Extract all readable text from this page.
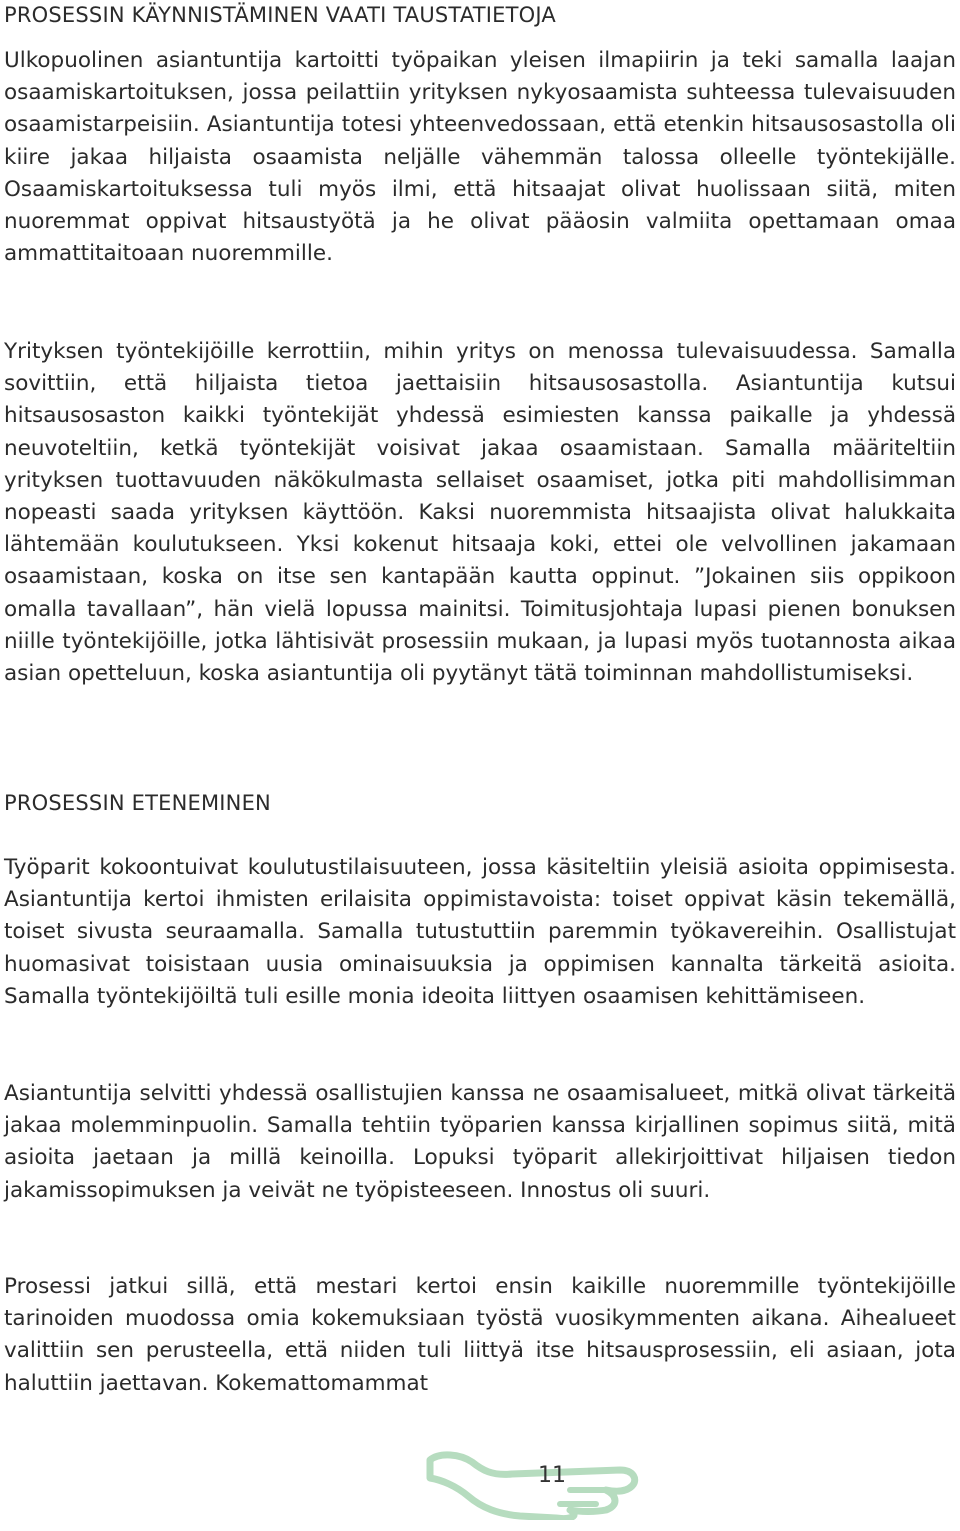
PROSESSIN KÄYNNISTÄMINEN VAATI TAUSTATIETOJA

Ulkopuolinen asiantuntija kartoitti työpaikan yleisen ilmapiirin ja teki samalla laajan osaamiskartoituksen, jossa peilattiin yrityksen nykyosaamista suhteessa tulevaisuuden osaamistarpeisiin. Asiantuntija totesi yhteenvedossaan, että etenkin hitsausosastolla oli kiire jakaa hiljaista osaamista neljälle vähemmän talossa olleelle työntekijälle. Osaamiskartoituksessa tuli myös ilmi, että hitsaajat olivat huolissaan siitä, miten nuoremmat oppivat hitsaustyötä ja he olivat pääosin valmiita opettamaan omaa ammattitaitoaan nuoremmille.

Yrityksen työntekijöille kerrottiin, mihin yritys on menossa tulevaisuudessa. Samalla sovittiin, että hiljaista tietoa jaettaisiin hitsausosastolla. Asiantuntija kutsui hitsausosaston kaikki työntekijät yhdessä esimiesten kanssa paikalle ja yhdessä neuvoteltiin, ketkä työntekijät voisivat jakaa osaamistaan. Samalla määriteltiin yrityksen tuottavuuden näkökulmasta sellaiset osaamiset, jotka piti mahdollisimman nopeasti saada yrityksen käyttöön. Kaksi nuoremmista hitsaajista olivat halukkaita lähtemään koulutukseen. Yksi kokenut hitsaaja koki, ettei ole velvollinen jakamaan osaamistaan, koska on itse sen kantapään kautta oppinut. ”Jokainen siis oppikoon omalla tavallaan”, hän vielä lopussa mainitsi. Toimitusjohtaja lupasi pienen bonuksen niille työntekijöille, jotka lähtisivät prosessiin mukaan, ja lupasi myös tuotannosta aikaa asian opetteluun, koska asiantuntija oli pyytänyt tätä toiminnan mahdollistumiseksi.

PROSESSIN ETENEMINEN

Työparit kokoontuivat koulutustilaisuuteen, jossa käsiteltiin yleisiä asioita oppimisesta. Asiantuntija kertoi ihmisten erilaisita oppimistavoista: toiset oppivat käsin tekemällä, toiset sivusta seuraamalla. Samalla tutustuttiin paremmin työkavereihin. Osallistujat huomasivat toisistaan uusia ominaisuuksia ja oppimisen kannalta tärkeitä asioita. Samalla työntekijöiltä tuli esille monia ideoita liittyen osaamisen kehittämiseen.

Asiantuntija selvitti yhdessä osallistujien kanssa ne osaamisalueet, mitkä olivat tärkeitä jakaa molemminpuolin. Samalla tehtiin työparien kanssa kirjallinen sopimus siitä, mitä asioita jaetaan ja millä keinoilla. Lopuksi työparit allekirjoittivat hiljaisen tiedon jakamissopimuksen ja veivät ne työpisteeseen. Innostus oli suuri.

Prosessi jatkui sillä, että mestari kertoi ensin kaikille nuoremmille työntekijöille tarinoiden muodossa omia kokemuksiaan työstä vuosikymmenten aikana. Aihealueet valittiin sen perusteella, että niiden tuli liittyä itse hitsausprosessiin, eli asiaan, jota haluttiin jaettavan. Kokemattomammat

11
